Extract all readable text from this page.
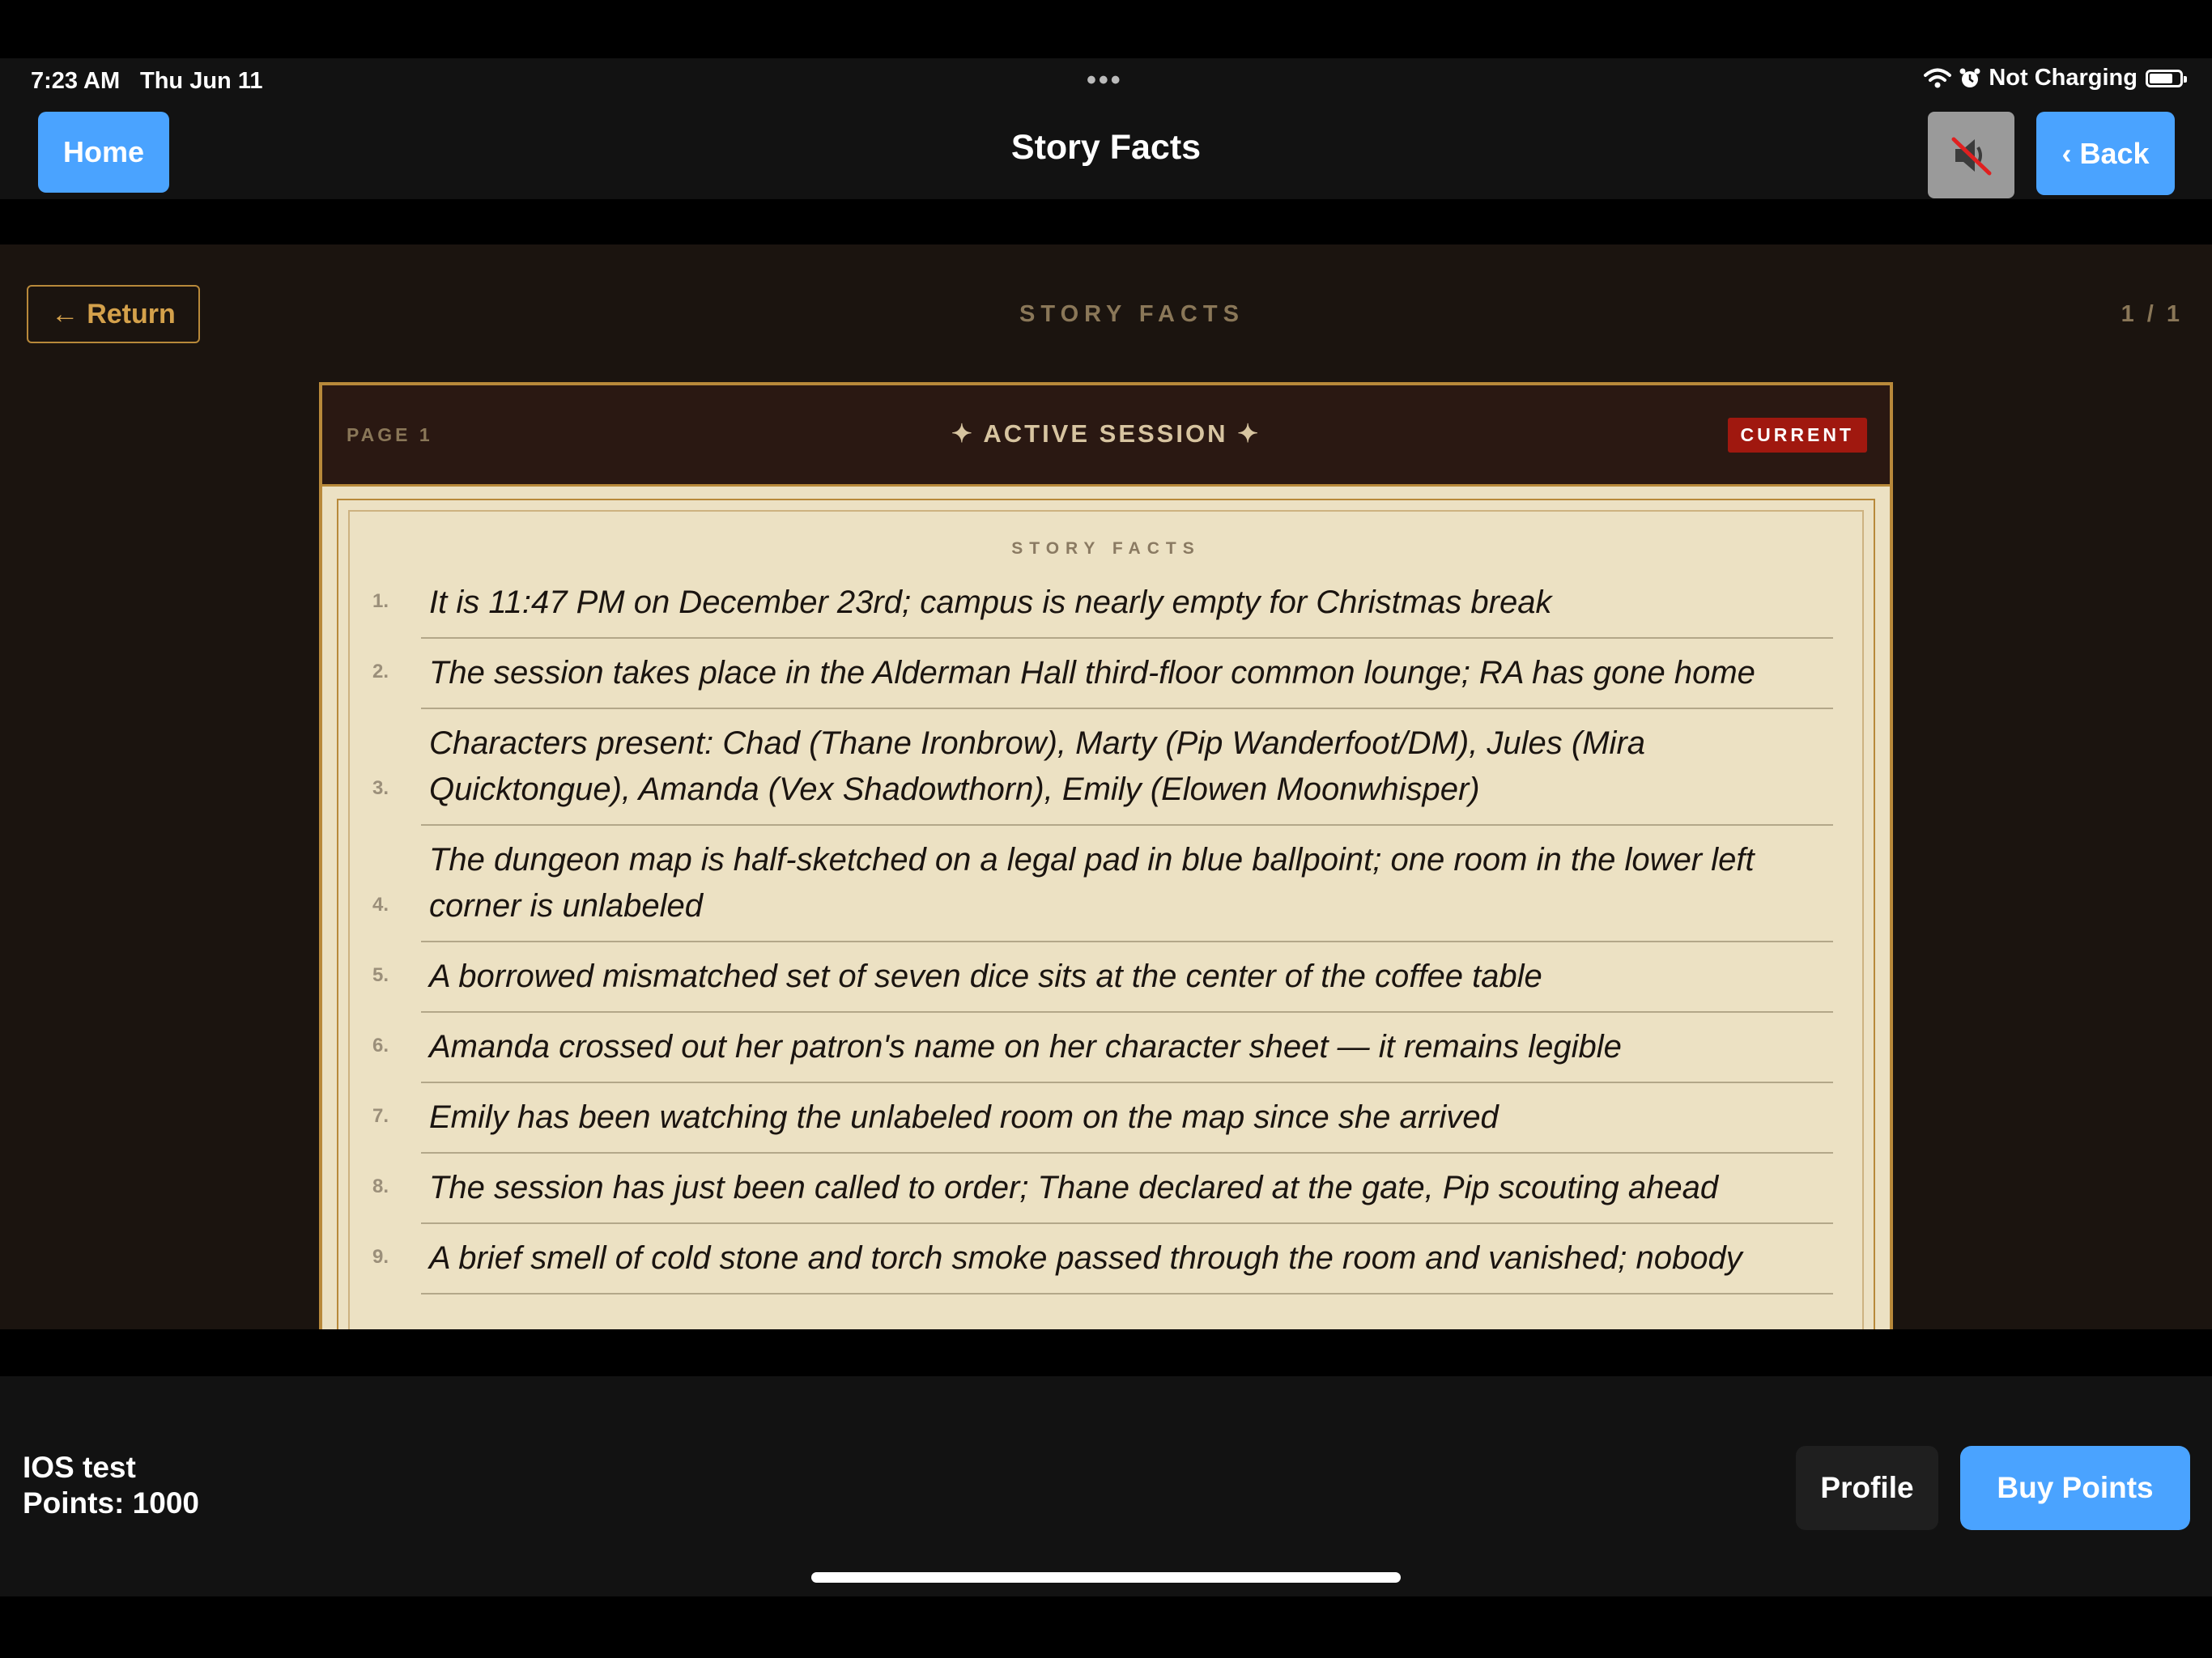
7:23 AM Thu Jun 11	•••	Not Charging
Home	Story Facts	‹ Back
← Return	STORY FACTS	1 / 1
PAGE 1	✦ ACTIVE SESSION ✦	CURRENT
STORY FACTS
1. It is 11:47 PM on December 23rd; campus is nearly empty for Christmas break
2. The session takes place in the Alderman Hall third-floor common lounge; RA has gone home
3.
Characters present: Chad (Thane Ironbrow), Marty (Pip Wanderfoot/DM), Jules (Mira Quicktongue), Amanda (Vex Shadowthorn), Emily (Elowen Moonwhisper)
4.
The dungeon map is half-sketched on a legal pad in blue ballpoint; one room in the lower left corner is unlabeled
5. A borrowed mismatched set of seven dice sits at the center of the coffee table
6. Amanda crossed out her patron's name on her character sheet — it remains legible
7. Emily has been watching the unlabeled room on the map since she arrived
8. The session has just been called to order; Thane declared at the gate, Pip scouting ahead
9. A brief smell of cold stone and torch smoke passed through the room and vanished; nobody
IOS test
Points: 1000	Profile	Buy Points
